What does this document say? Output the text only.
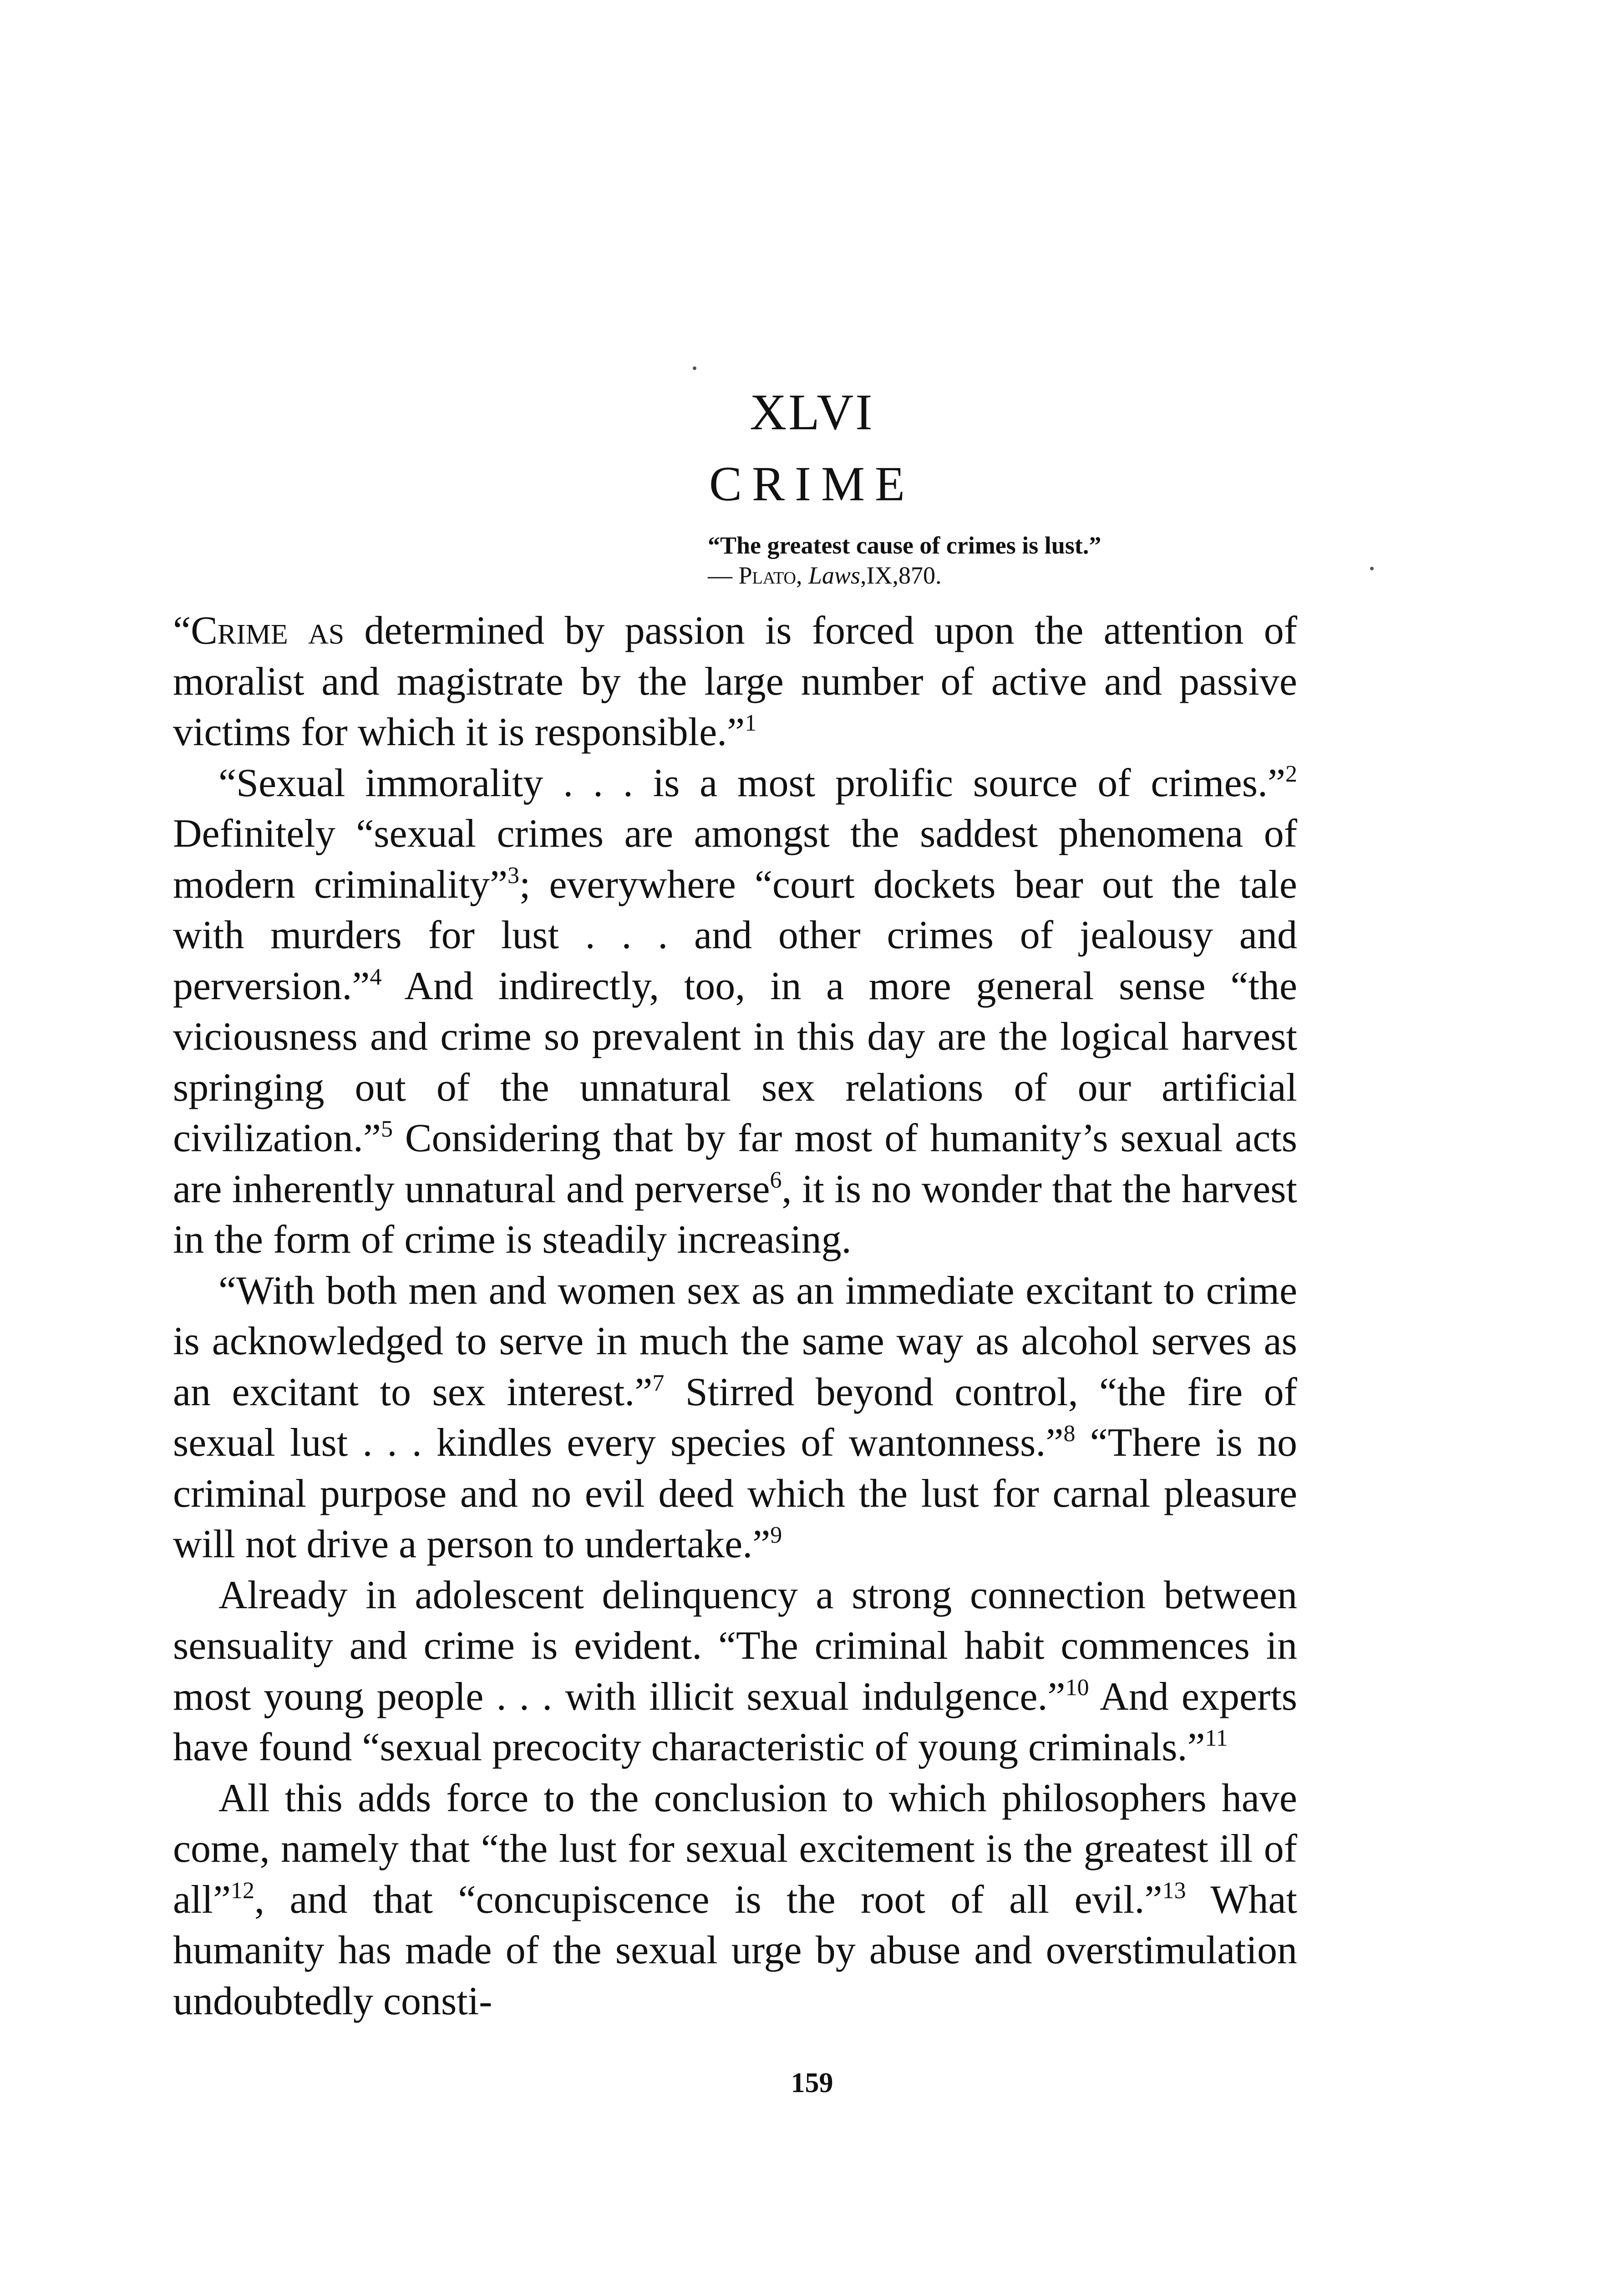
XLVI
CRIME
“The greatest cause of crimes is lust.”
— Plato, Laws,IX,870.

“Crime as determined by passion is forced upon the attention of moralist and magistrate by the large number of active and passive victims for which it is responsible.”$^1$

“Sexual immorality . . . is a most prolific source of crimes.”$^2$ Definitely “sexual crimes are amongst the saddest phenomena of modern criminality”$^3$; everywhere “court dockets bear out the tale with murders for lust . . . and other crimes of jealousy and perversion.”$^4$ And indirectly, too, in a more general sense “the viciousness and crime so prevalent in this day are the logical harvest springing out of the unnatural sex relations of our artificial civilization.”$^5$ Considering that by far most of humanity’s sexual acts are inherently unnatural and perverse$^6$, it is no wonder that the harvest in the form of crime is steadily increasing.

“With both men and women sex as an immediate excitant to crime is acknowledged to serve in much the same way as alcohol serves as an excitant to sex interest.”$^7$ Stirred beyond control, “the fire of sexual lust . . . kindles every species of wantonness.”$^8$ “There is no criminal purpose and no evil deed which the lust for carnal pleasure will not drive a person to undertake.”$^9$

Already in adolescent delinquency a strong connection between sensuality and crime is evident. “The criminal habit commences in most young people . . . with illicit sexual indulgence.”$^{10}$ And experts have found “sexual precocity characteristic of young criminals.”$^{11}$

All this adds force to the conclusion to which philosophers have come, namely that “the lust for sexual excitement is the greatest ill of all”$^{12}$, and that “concupiscence is the root of all evil.”$^{13}$ What humanity has made of the sexual urge by abuse and overstimulation undoubtedly consti-

159
